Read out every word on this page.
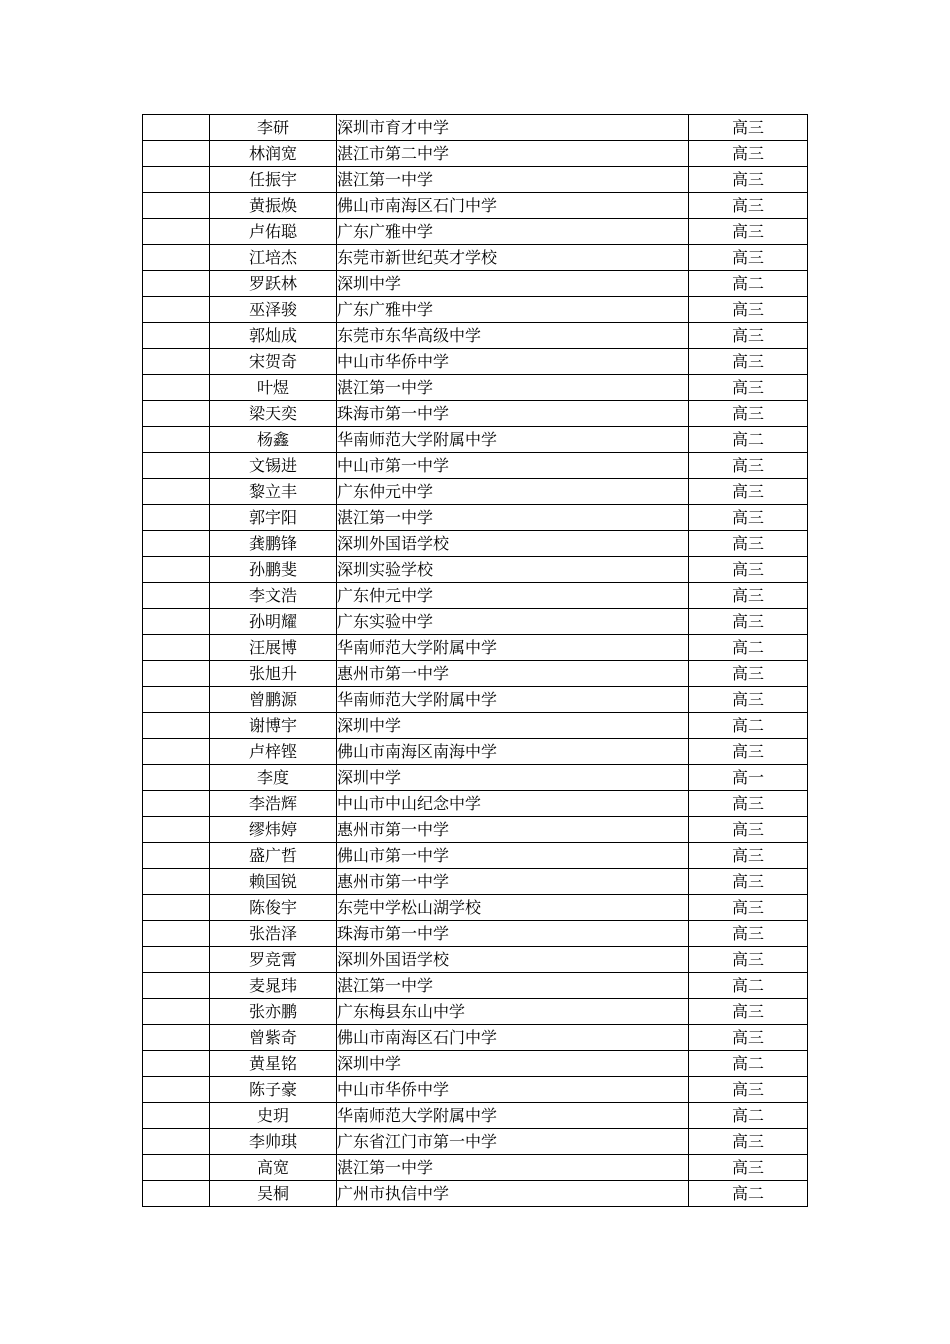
	李研	深圳市育才中学	高三
	林润宽	湛江市第二中学	高三
	任振宇	湛江第一中学	高三
	黄振焕	佛山市南海区石门中学	高三
	卢佑聪	广东广雅中学	高三
	江培杰	东莞市新世纪英才学校	高三
	罗跃林	深圳中学	高二
	巫泽骏	广东广雅中学	高三
	郭灿成	东莞市东华高级中学	高三
	宋贺奇	中山市华侨中学	高三
	叶煜	湛江第一中学	高三
	梁天奕	珠海市第一中学	高三
	杨鑫	华南师范大学附属中学	高二
	文锡进	中山市第一中学	高三
	黎立丰	广东仲元中学	高三
	郭宇阳	湛江第一中学	高三
	龚鹏锋	深圳外国语学校	高三
	孙鹏斐	深圳实验学校	高三
	李文浩	广东仲元中学	高三
	孙明耀	广东实验中学	高三
	汪展博	华南师范大学附属中学	高二
	张旭升	惠州市第一中学	高三
	曾鹏源	华南师范大学附属中学	高三
	谢博宇	深圳中学	高二
	卢梓铿	佛山市南海区南海中学	高三
	李度	深圳中学	高一
	李浩辉	中山市中山纪念中学	高三
	缪炜婷	惠州市第一中学	高三
	盛广哲	佛山市第一中学	高三
	赖国锐	惠州市第一中学	高三
	陈俊宇	东莞中学松山湖学校	高三
	张浩泽	珠海市第一中学	高三
	罗竞霄	深圳外国语学校	高三
	麦晁玮	湛江第一中学	高二
	张亦鹏	广东梅县东山中学	高三
	曾紫奇	佛山市南海区石门中学	高三
	黄星铭	深圳中学	高二
	陈子豪	中山市华侨中学	高三
	史玥	华南师范大学附属中学	高二
	李帅琪	广东省江门市第一中学	高三
	高宽	湛江第一中学	高三
	吴桐	广州市执信中学	高二
